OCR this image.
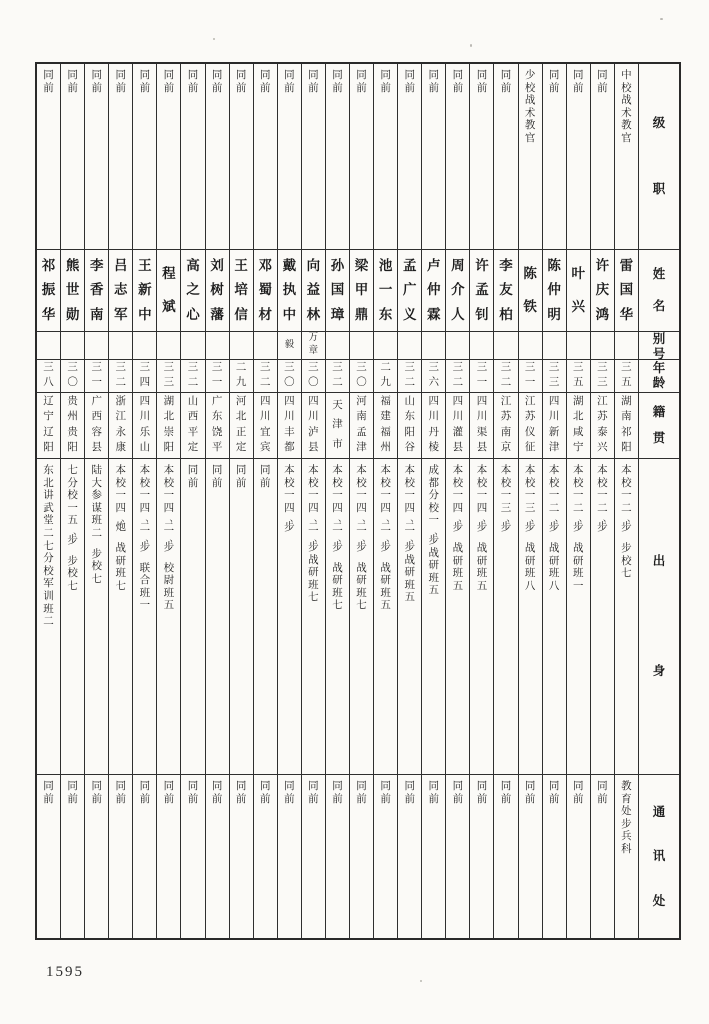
同
前
祁
振
华
三
八
辽
宁
辽
阳
东
北
讲
武
堂
二
七
分
校
军
训
班
二
同
前
同
前
熊
世
勋
三
〇
贵
州
贵
阳
七
分
校
一
五
、
步
步
校
七
同
前
同
前
李
香
南
三
一
广
西
容
县
陆
大
参
谋
班
二
步
校
七
同
前
同
前
吕
志
军
三
二
浙
江
永
康
本
校
一
四
、
炮
战
研
班
七
同
前
同
前
王
新
中
三
四
四
川
乐
山
本
校
一
四
、
二
、
步
联
合
班
一
同
前
同
前
程
斌
三
三
湖
北
崇
阳
本
校
一
四
、
二
、
步
校
尉
班
五
同
前
同
前
高
之
心
三
二
山
西
平
定
同
前
同
前
同
前
刘
树
藩
三
一
广
东
饶
平
同
前
同
前
同
前
王
培
信
二
九
河
北
正
定
同
前
同
前
同
前
邓
蜀
材
三
二
四
川
宜
宾
同
前
同
前
同
前
戴
执
中
毅
三
〇
四
川
丰
都
本
校
一
四
、
步
同
前
同
前
向
益
林
万
章
三
〇
四
川
泸
县
本
校
一
四
、
二
、
步
战
研
班
七
同
前
同
前
孙
国
璋
三
二
天
津
市
本
校
一
四
、
二
、
步
战
研
班
七
同
前
同
前
梁
甲
鼎
三
〇
河
南
孟
津
本
校
一
四
、
二
、
步
战
研
班
七
同
前
同
前
池
一
东
二
九
福
建
福
州
本
校
一
四
、
二
、
步
战
研
班
五
同
前
同
前
孟
广
义
三
二
山
东
阳
谷
本
校
一
四
、
二
、
步
战
研
班
五
同
前
同
前
卢
仲
霖
三
六
四
川
丹
棱
成
都
分
校
一
、
步
战
研
班
五
同
前
同
前
周
介
人
三
二
四
川
灌
县
本
校
一
四
、
步
战
研
班
五
同
前
同
前
许
孟
钊
三
一
四
川
渠
县
本
校
一
四
、
步
战
研
班
五
同
前
同
前
李
友
柏
三
二
江
苏
南
京
本
校
一
三
、
步
同
前
少
校
战
术
教
官
陈
铁
三
一
江
苏
仪
征
本
校
一
三
、
步
战
研
班
八
同
前
同
前
陈
仲
明
三
三
四
川
新
津
本
校
一
二
、
步
战
研
班
八
同
前
同
前
叶
兴
三
五
湖
北
咸
宁
本
校
一
二
、
步
战
研
班
一
同
前
同
前
许
庆
鸿
三
三
江
苏
泰
兴
本
校
一
二
、
步
同
前
中
校
战
术
教
官
雷
国
华
三
五
湖
南
祁
阳
本
校
一
二
、
步
步
校
七
教
育
处
步
兵
科
级
职
姓
名
别
号
年
龄
籍
贯
出
身
通
讯
处
1595
